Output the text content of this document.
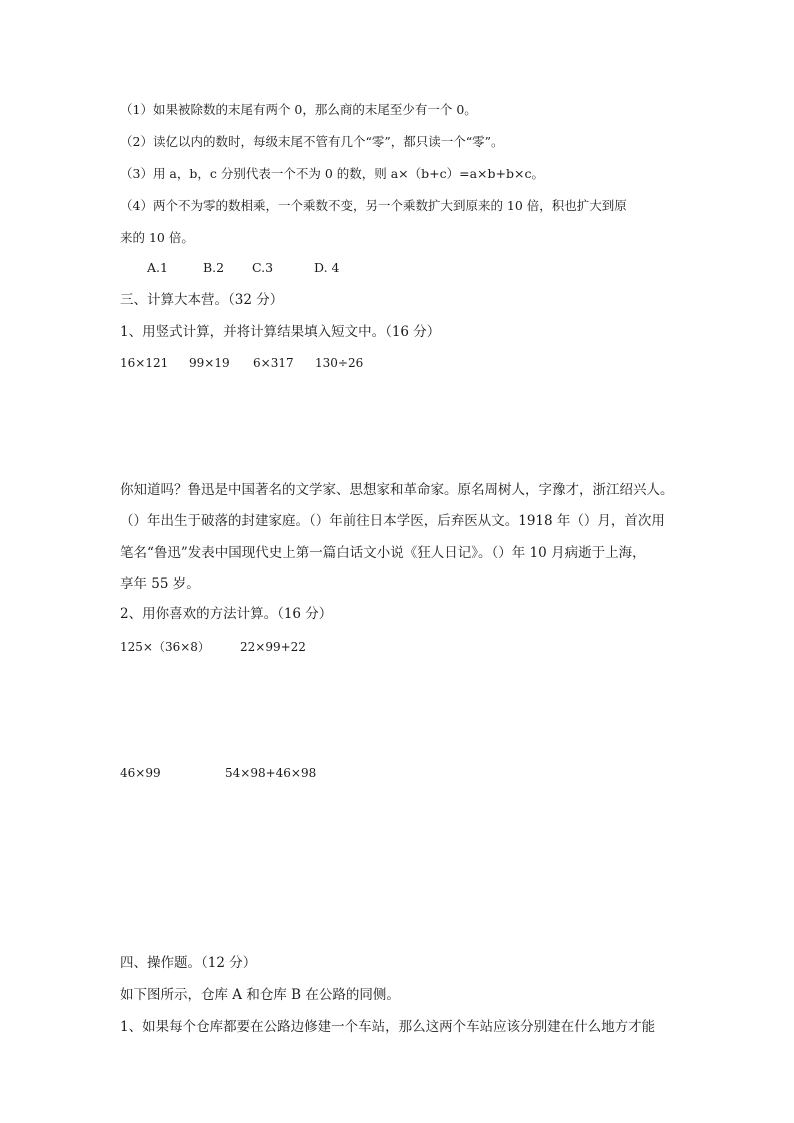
（1）如果被除数的末尾有两个 0，那么商的末尾至少有一个 0。
（2）读亿以内的数时，每级末尾不管有几个“零”，都只读一个“零”。
（3）用 a，b，c 分别代表一个不为 0 的数，则 a×（b+c）=a×b+b×c。
（4）两个不为零的数相乘，一个乘数不变，另一个乘数扩大到原来的 10 倍，积也扩大到原
来的 10 倍。
A.1	B.2 C.3	D. 4
三、计算大本营。（32 分）
1、用竖式计算，并将计算结果填入短文中。（16 分）
16×121 99×19 6×317 130÷26
你知道吗？鲁迅是中国著名的文学家、思想家和革命家。原名周树人，字豫才，浙江绍兴人。
（）年出生于破落的封建家庭。（）年前往日本学医，后弃医从文。1918 年（）月，首次用
笔名“鲁迅”发表中国现代史上第一篇白话文小说《狂人日记》。（）年 10 月病逝于上海，
享年 55 岁。
2、用你喜欢的方法计算。（16 分）
125×（36×8）	22×99+22
46×99	54×98+46×98
四、操作题。（12 分）
如下图所示，仓库 A 和仓库 B 在公路的同侧。
1、如果每个仓库都要在公路边修建一个车站，那么这两个车站应该分别建在什么地方才能
